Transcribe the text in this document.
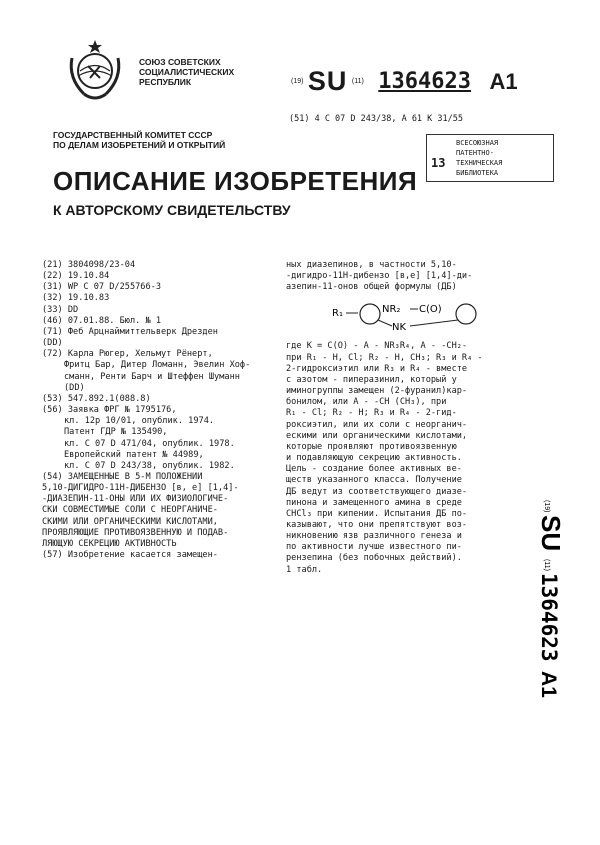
СОЮЗ СОВЕТСКИХ
СОЦИАЛИСТИЧЕСКИХ
РЕСПУБЛИК	(19) SU (11) 1364623 A1
(51) 4 С 07 D 243/38, А 61 К 31/55
ГОСУДАРСТВЕННЫЙ КОМИТЕТ СССР
ПО ДЕЛАМ ИЗОБРЕТЕНИЙ И ОТКРЫТИЙ	ВСЕСОЮЗНАЯ
ПАТЕНТНО-
ТЕХНИЧЕСКАЯ
БИБЛИОТЕКА
13
ОПИСАНИЕ ИЗОБРЕТЕНИЯ
К АВТОРСКОМУ СВИДЕТЕЛЬСТВУ
(21) 3804098/23-04
(22) 19.10.84
(31) WP C 07 D/255766-3
(32) 19.10.83
(33) DD
(46) 07.01.88. Бюл. № 1
(71) Феб Арцнаймиттельверк Дрезден
(DD)
(72) Карла Рюгер, Хельмут Рёнерт,
Фритц Бар, Дитер Ломанн, Эвелин Хоф-
сманн, Ренти Барч и Штеффен Шуманн
(DD)
(53) 547.892.1(088.8)
(56) Заявка ФРГ № 1795176,
кл. 12р 10/01, опублик. 1974.
Патент ГДР № 135490,
кл. С 07 D 471/04, опублик. 1978.
Европейский патент № 44989,
кл. С 07 D 243/38, опублик. 1982.
(54) ЗАМЕЩЕННЫЕ В 5-М ПОЛОЖЕНИИ
5,10-ДИГИДРО-11Н-ДИБЕНЗО [в, е] [1,4]-
-ДИАЗЕПИН-11-ОНЫ ИЛИ ИХ ФИЗИОЛОГИЧЕ-
СКИ СОВМЕСТИМЫЕ СОЛИ С НЕОРГАНИЧЕ-
СКИМИ ИЛИ ОРГАНИЧЕСКИМИ КИСЛОТАМИ,
ПРОЯВЛЯЮЩИЕ ПРОТИВОЯЗВЕННУЮ И ПОДАВ-
ЛЯЮЩУЮ СЕКРЕЦИЮ АКТИВНОСТЬ
(57) Изобретение касается замещен-
ных диазепинов, в частности 5,10-
-дигидро-11Н-дибензо [в,е] [1,4]-ди-
азепин-11-онов общей формулы (ДБ)
где К = С(О) - А - NR₃R₄, А - -СН₂-
при R₁ - Н, Cl; R₂ - Н, СН₃; R₃ и R₄ -
2-гидроксиэтил или R₃ и R₄ - вместе
с азотом - пиперазинил, который у
иминогруппы замещен (2-фуранил)кар-
бонилом, или А - -CH (CH₃), при
R₁ - Cl; R₂ - Н; R₃ и R₄ - 2-гид-
роксиэтил, или их соли с неорганич-
ескими или органическими кислотами,
которые проявляют противоязвенную
и подавляющую секрецию активность.
Цель - создание более активных ве-
ществ указанного класса. Получение
ДБ ведут из соответствующего диазе-
пинона и замещенного амина в среде
CHCl₃ при кипении. Испытания ДБ по-
казывают, что они препятствуют воз-
никновению язв различного генеза и
по активности лучше известного пи-
рензепина (без побочных действий).
1 табл.
R₁	NR₂ C(O)
NK
(19)
SU
(11)
1364623
A1
